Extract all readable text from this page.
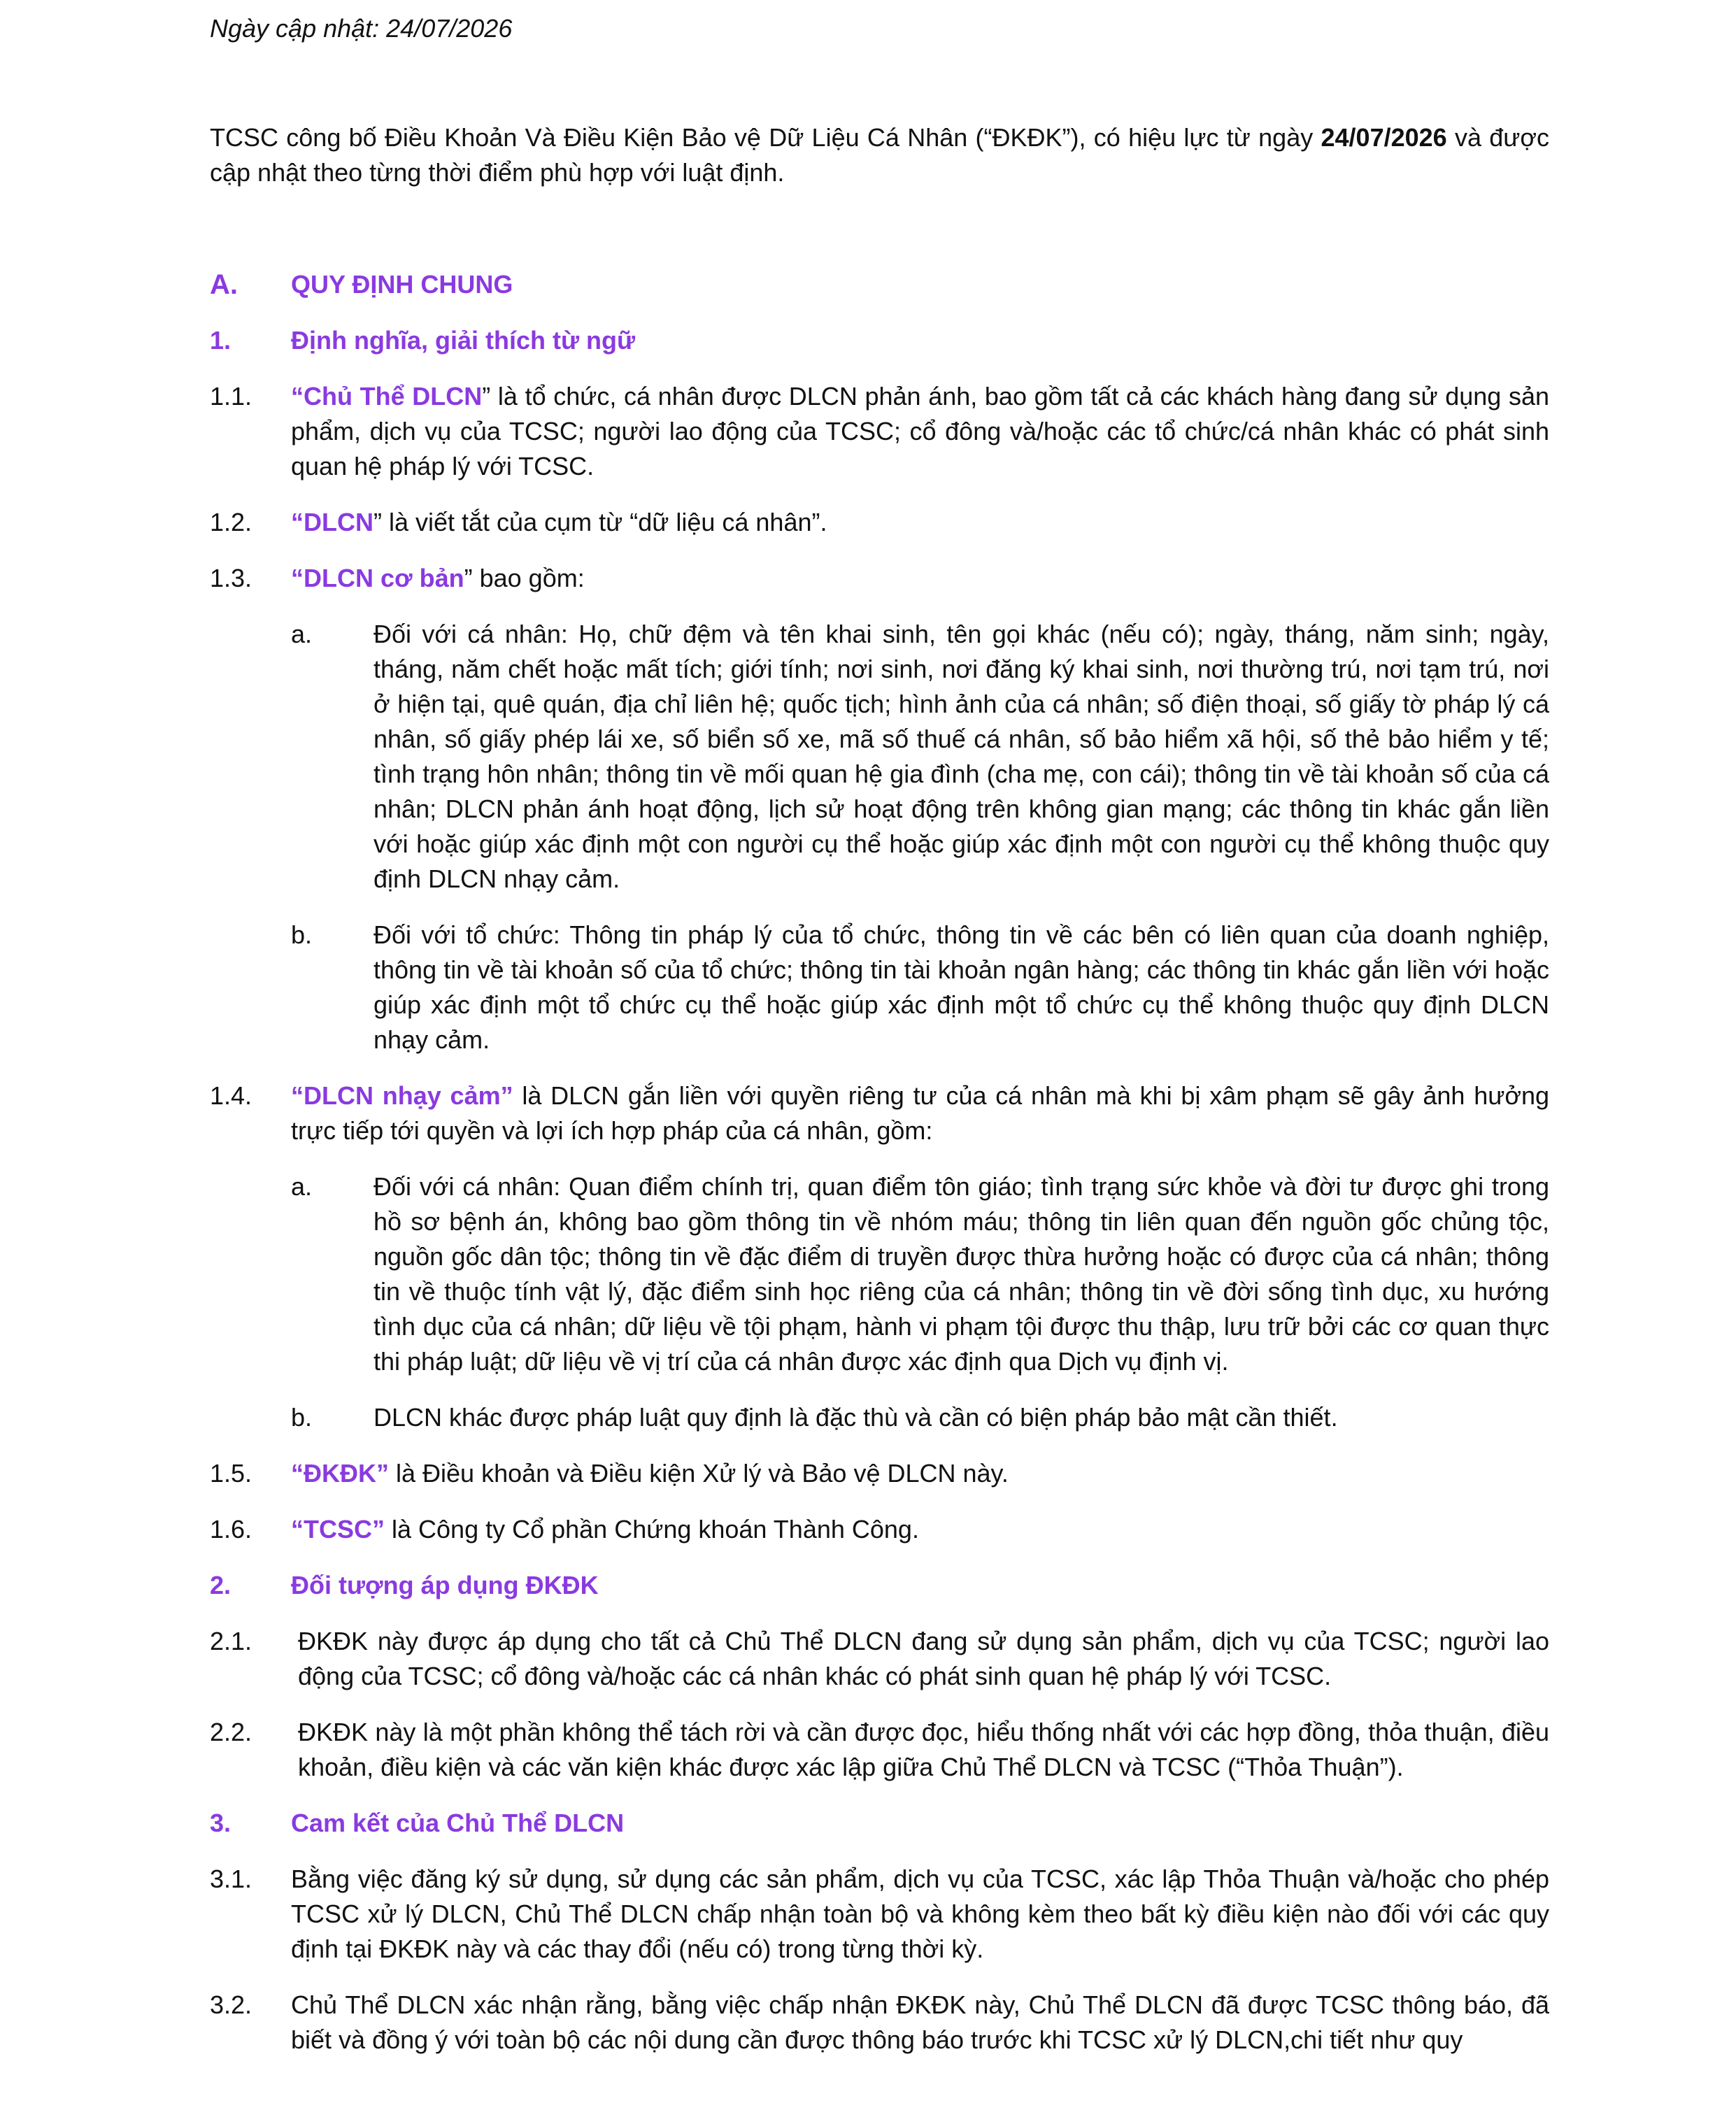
Ngày cập nhật: 24/07/2026
TCSC công bố Điều Khoản Và Điều Kiện Bảo vệ Dữ Liệu Cá Nhân (“ĐKĐK”), có hiệu lực từ ngày 24/07/2026 và được cập nhật theo từng thời điểm phù hợp với luật định.
A.	QUY ĐỊNH CHUNG
1.	Định nghĩa, giải thích từ ngữ
1.1.	“Chủ Thể DLCN” là tổ chức, cá nhân được DLCN phản ánh, bao gồm tất cả các khách hàng đang sử dụng sản phẩm, dịch vụ của TCSC; người lao động của TCSC; cổ đông và/hoặc các tổ chức/cá nhân khác có phát sinh quan hệ pháp lý với TCSC.
1.2.	“DLCN” là viết tắt của cụm từ “dữ liệu cá nhân”.
1.3.	“DLCN cơ bản” bao gồm:
a.	Đối với cá nhân: Họ, chữ đệm và tên khai sinh, tên gọi khác (nếu có); ngày, tháng, năm sinh; ngày, tháng, năm chết hoặc mất tích; giới tính; nơi sinh, nơi đăng ký khai sinh, nơi thường trú, nơi tạm trú, nơi ở hiện tại, quê quán, địa chỉ liên hệ; quốc tịch; hình ảnh của cá nhân; số điện thoại, số giấy tờ pháp lý cá nhân, số giấy phép lái xe, số biển số xe, mã số thuế cá nhân, số bảo hiểm xã hội, số thẻ bảo hiểm y tế; tình trạng hôn nhân; thông tin về mối quan hệ gia đình (cha mẹ, con cái); thông tin về tài khoản số của cá nhân; DLCN phản ánh hoạt động, lịch sử hoạt động trên không gian mạng; các thông tin khác gắn liền với hoặc giúp xác định một con người cụ thể hoặc giúp xác định một con người cụ thể không thuộc quy định DLCN nhạy cảm.
b.	Đối với tổ chức: Thông tin pháp lý của tổ chức, thông tin về các bên có liên quan của doanh nghiệp, thông tin về tài khoản số của tổ chức; thông tin tài khoản ngân hàng; các thông tin khác gắn liền với hoặc giúp xác định một tổ chức cụ thể hoặc giúp xác định một tổ chức cụ thể không thuộc quy định DLCN nhạy cảm.
1.4.	“DLCN nhạy cảm” là DLCN gắn liền với quyền riêng tư của cá nhân mà khi bị xâm phạm sẽ gây ảnh hưởng trực tiếp tới quyền và lợi ích hợp pháp của cá nhân, gồm:
a.	Đối với cá nhân: Quan điểm chính trị, quan điểm tôn giáo; tình trạng sức khỏe và đời tư được ghi trong hồ sơ bệnh án, không bao gồm thông tin về nhóm máu; thông tin liên quan đến nguồn gốc chủng tộc, nguồn gốc dân tộc; thông tin về đặc điểm di truyền được thừa hưởng hoặc có được của cá nhân; thông tin về thuộc tính vật lý, đặc điểm sinh học riêng của cá nhân; thông tin về đời sống tình dục, xu hướng tình dục của cá nhân; dữ liệu về tội phạm, hành vi phạm tội được thu thập, lưu trữ bởi các cơ quan thực thi pháp luật; dữ liệu về vị trí của cá nhân được xác định qua Dịch vụ định vị.
b.	DLCN khác được pháp luật quy định là đặc thù và cần có biện pháp bảo mật cần thiết.
1.5.	“ĐKĐK” là Điều khoản và Điều kiện Xử lý và Bảo vệ DLCN này.
1.6.	“TCSC” là Công ty Cổ phần Chứng khoán Thành Công.
2.	Đối tượng áp dụng ĐKĐK
2.1.	ĐKĐK này được áp dụng cho tất cả Chủ Thể DLCN đang sử dụng sản phẩm, dịch vụ của TCSC; người lao động của TCSC; cổ đông và/hoặc các cá nhân khác có phát sinh quan hệ pháp lý với TCSC.
2.2.	ĐKĐK này là một phần không thể tách rời và cần được đọc, hiểu thống nhất với các hợp đồng, thỏa thuận, điều khoản, điều kiện và các văn kiện khác được xác lập giữa Chủ Thể DLCN và TCSC (“Thỏa Thuận”).
3.	Cam kết của Chủ Thể DLCN
3.1.	Bằng việc đăng ký sử dụng, sử dụng các sản phẩm, dịch vụ của TCSC, xác lập Thỏa Thuận và/hoặc cho phép TCSC xử lý DLCN, Chủ Thể DLCN chấp nhận toàn bộ và không kèm theo bất kỳ điều kiện nào đối với các quy định tại ĐKĐK này và các thay đổi (nếu có) trong từng thời kỳ.
3.2.	Chủ Thể DLCN xác nhận rằng, bằng việc chấp nhận ĐKĐK này, Chủ Thể DLCN đã được TCSC thông báo, đã biết và đồng ý với toàn bộ các nội dung cần được thông báo trước khi TCSC xử lý DLCN,chi tiết như quy
